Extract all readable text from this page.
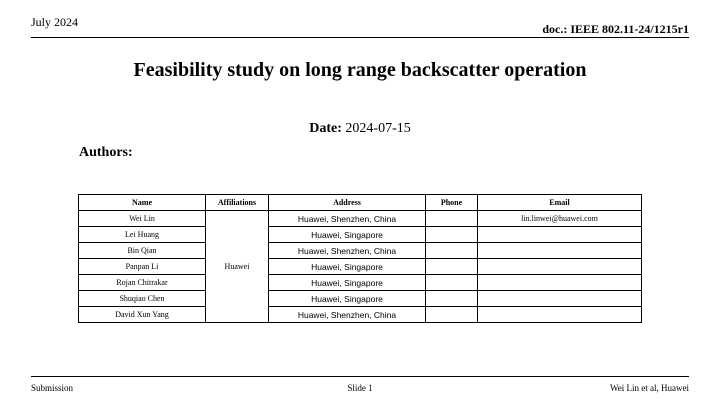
July 2024	doc.: IEEE 802.11-24/1215r1
Feasibility study on long range backscatter operation
Date: 2024-07-15
Authors:
Name	Affiliations	Address	Phone	Email
Wei Lin	Huawei	Huawei, Shenzhen, China		lin.linwei@huawei.com
Lei Huang		Huawei, Singapore		
Bin Qian		Huawei, Shenzhen, China		
Panpan Li		Huawei, Singapore		
Rojan Chitrakar		Huawei, Singapore		
Shuqiao Chen		Huawei, Singapore		
David Xun Yang		Huawei, Shenzhen, China		
Submission	Slide 1	Wei Lin et al, Huawei
